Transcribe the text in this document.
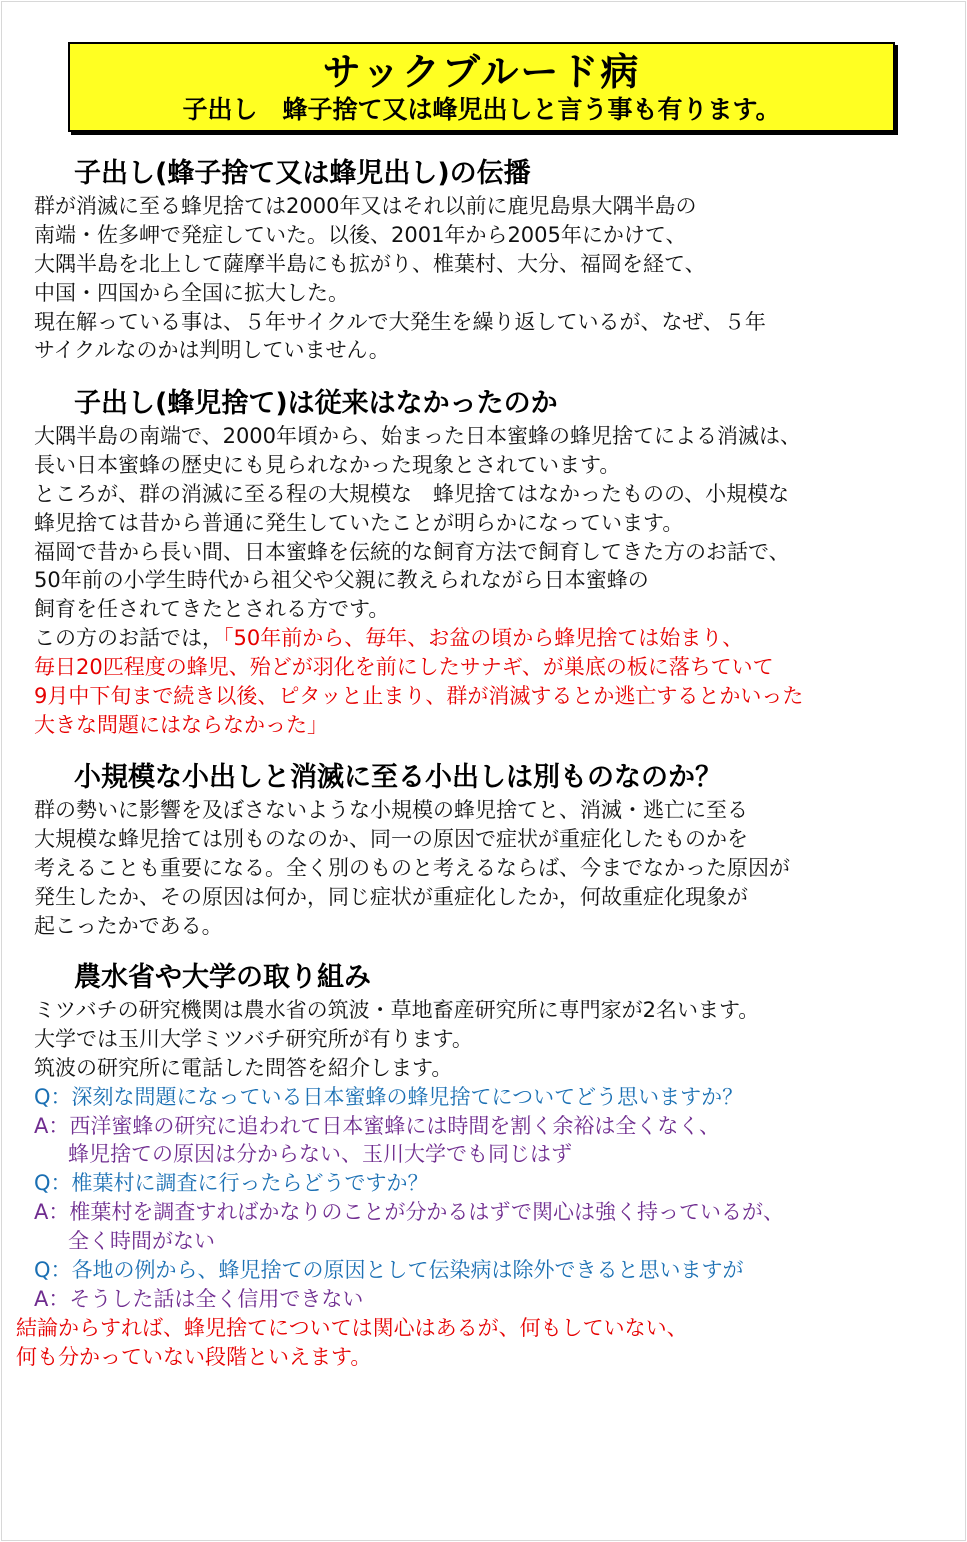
サックブルード病
子出し　蜂子捨て又は峰児出しと言う事も有ります。
子出し(蜂子捨て又は蜂児出し)の伝播
群が消滅に至る蜂児捨ては2000年又はそれ以前に鹿児島県大隅半島の
南端・佐多岬で発症していた。以後、2001年から2005年にかけて、
大隅半島を北上して薩摩半島にも拡がり、椎葉村、大分、福岡を経て、
中国・四国から全国に拡大した。
現在解っている事は、５年サイクルで大発生を繰り返しているが、なぜ、５年
サイクルなのかは判明していません。
子出し(蜂児捨て)は従来はなかったのか
大隅半島の南端で、2000年頃から、始まった日本蜜蜂の蜂児捨てによる消滅は、
長い日本蜜蜂の歴史にも見られなかった現象とされています。
ところが、群の消滅に至る程の大規模な　蜂児捨てはなかったものの、小規模な
蜂児捨ては昔から普通に発生していたことが明らかになっています。
福岡で昔から長い間、日本蜜蜂を伝統的な飼育方法で飼育してきた方のお話で、
50年前の小学生時代から祖父や父親に教えられながら日本蜜蜂の
飼育を任されてきたとされる方です。
この方のお話では，「50年前から、毎年、お盆の頃から蜂児捨ては始まり、
毎日20匹程度の蜂児、殆どが羽化を前にしたサナギ、が巣底の板に落ちていて
9月中下旬まで続き以後、ピタッと止まり、群が消滅するとか逃亡するとかいった
大きな問題にはならなかった」
小規模な小出しと消滅に至る小出しは別ものなのか？
群の勢いに影響を及ぼさないような小規模の蜂児捨てと、消滅・逃亡に至る
大規模な蜂児捨ては別ものなのか、同一の原因で症状が重症化したものかを
考えることも重要になる。全く別のものと考えるならば、今までなかった原因が
発生したか、その原因は何か，同じ症状が重症化したか，何故重症化現象が
起こったかである。
農水省や大学の取り組み
ミツバチの研究機関は農水省の筑波・草地畜産研究所に専門家が2名います。
大学では玉川大学ミツバチ研究所が有ります。
筑波の研究所に電話した問答を紹介します。
Q：深刻な問題になっている日本蜜蜂の蜂児捨てについてどう思いますか？
A：西洋蜜蜂の研究に追われて日本蜜蜂には時間を割く余裕は全くなく、
蜂児捨ての原因は分からない、玉川大学でも同じはず
Q：椎葉村に調査に行ったらどうですか？
A：椎葉村を調査すればかなりのことが分かるはずで関心は強く持っているが、
全く時間がない
Q：各地の例から、蜂児捨ての原因として伝染病は除外できると思いますが
A：そうした話は全く信用できない
結論からすれば、蜂児捨てについては関心はあるが、何もしていない、
何も分かっていない段階といえます。
